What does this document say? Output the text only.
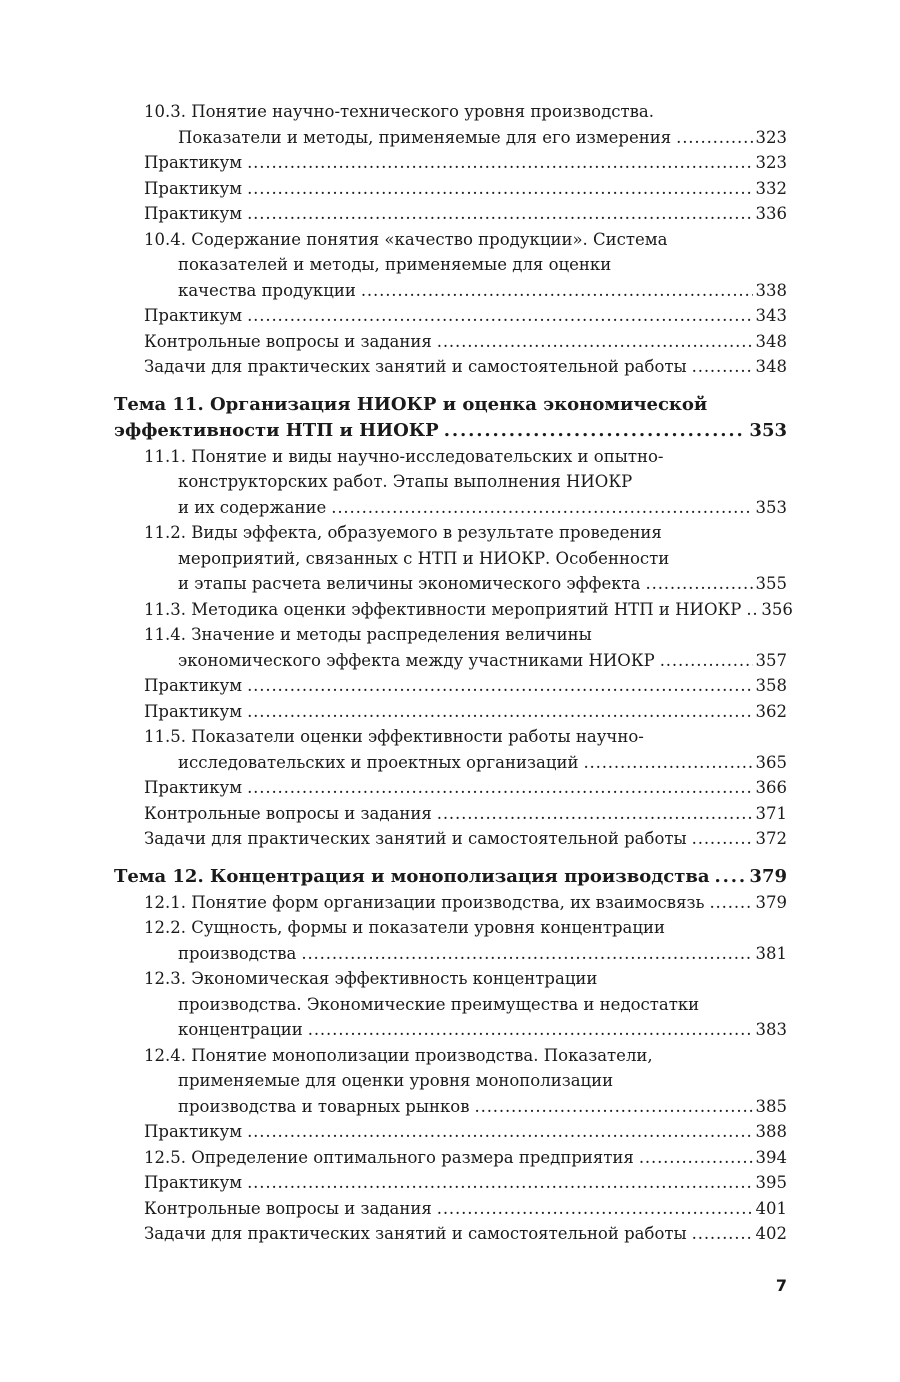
10.3. Понятие научно-технического уровня производства.
Показатели и методы, применяемые для его измерения . . .	323
Практикум . . .	323
Практикум . . .	332
Практикум . . .	336
10.4. Содержание понятия «качество продукции». Система
показателей и методы, применяемые для оценки
качества продукции . . .	338
Практикум . . .	343
Контрольные вопросы и задания . . .	348
Задачи для практических занятий и самостоятельной работы . . .	348
Тема 11. Организация НИОКР и оценка экономической
эффективности НТП и НИОКР . . .	353
11.1. Понятие и виды научно-исследовательских и опытно-
конструкторских работ. Этапы выполнения НИОКР
и их содержание . . .	353
11.2. Виды эффекта, образуемого в результате проведения
мероприятий, связанных с НТП и НИОКР. Особенности
и этапы расчета величины экономического эффекта . . .	355
11.3. Методика оценки эффективности мероприятий НТП и НИОКР . . . 356
11.4. Значение и методы распределения величины
экономического эффекта между участниками НИОКР . . .	357
Практикум . . .	358
Практикум . . .	362
11.5. Показатели оценки эффективности работы научно-
исследовательских и проектных организаций . . .	365
Практикум . . .	366
Контрольные вопросы и задания . . .	371
Задачи для практических занятий и самостоятельной работы . . .	372
Тема 12. Концентрация и монополизация производства . . . 379
12.1. Понятие форм организации производства, их взаимосвязь . . .	379
12.2. Сущность, формы и показатели уровня концентрации
производства . . .	381
12.3. Экономическая эффективность концентрации
производства. Экономические преимущества и недостатки
концентрации . . .	383
12.4. Понятие монополизации производства. Показатели,
применяемые для оценки уровня монополизации
производства и товарных рынков . . .	385
Практикум . . .	388
12.5. Определение оптимального размера предприятия . . .	394
Практикум . . .	395
Контрольные вопросы и задания . . .	401
Задачи для практических занятий и самостоятельной работы . . .	402
7
